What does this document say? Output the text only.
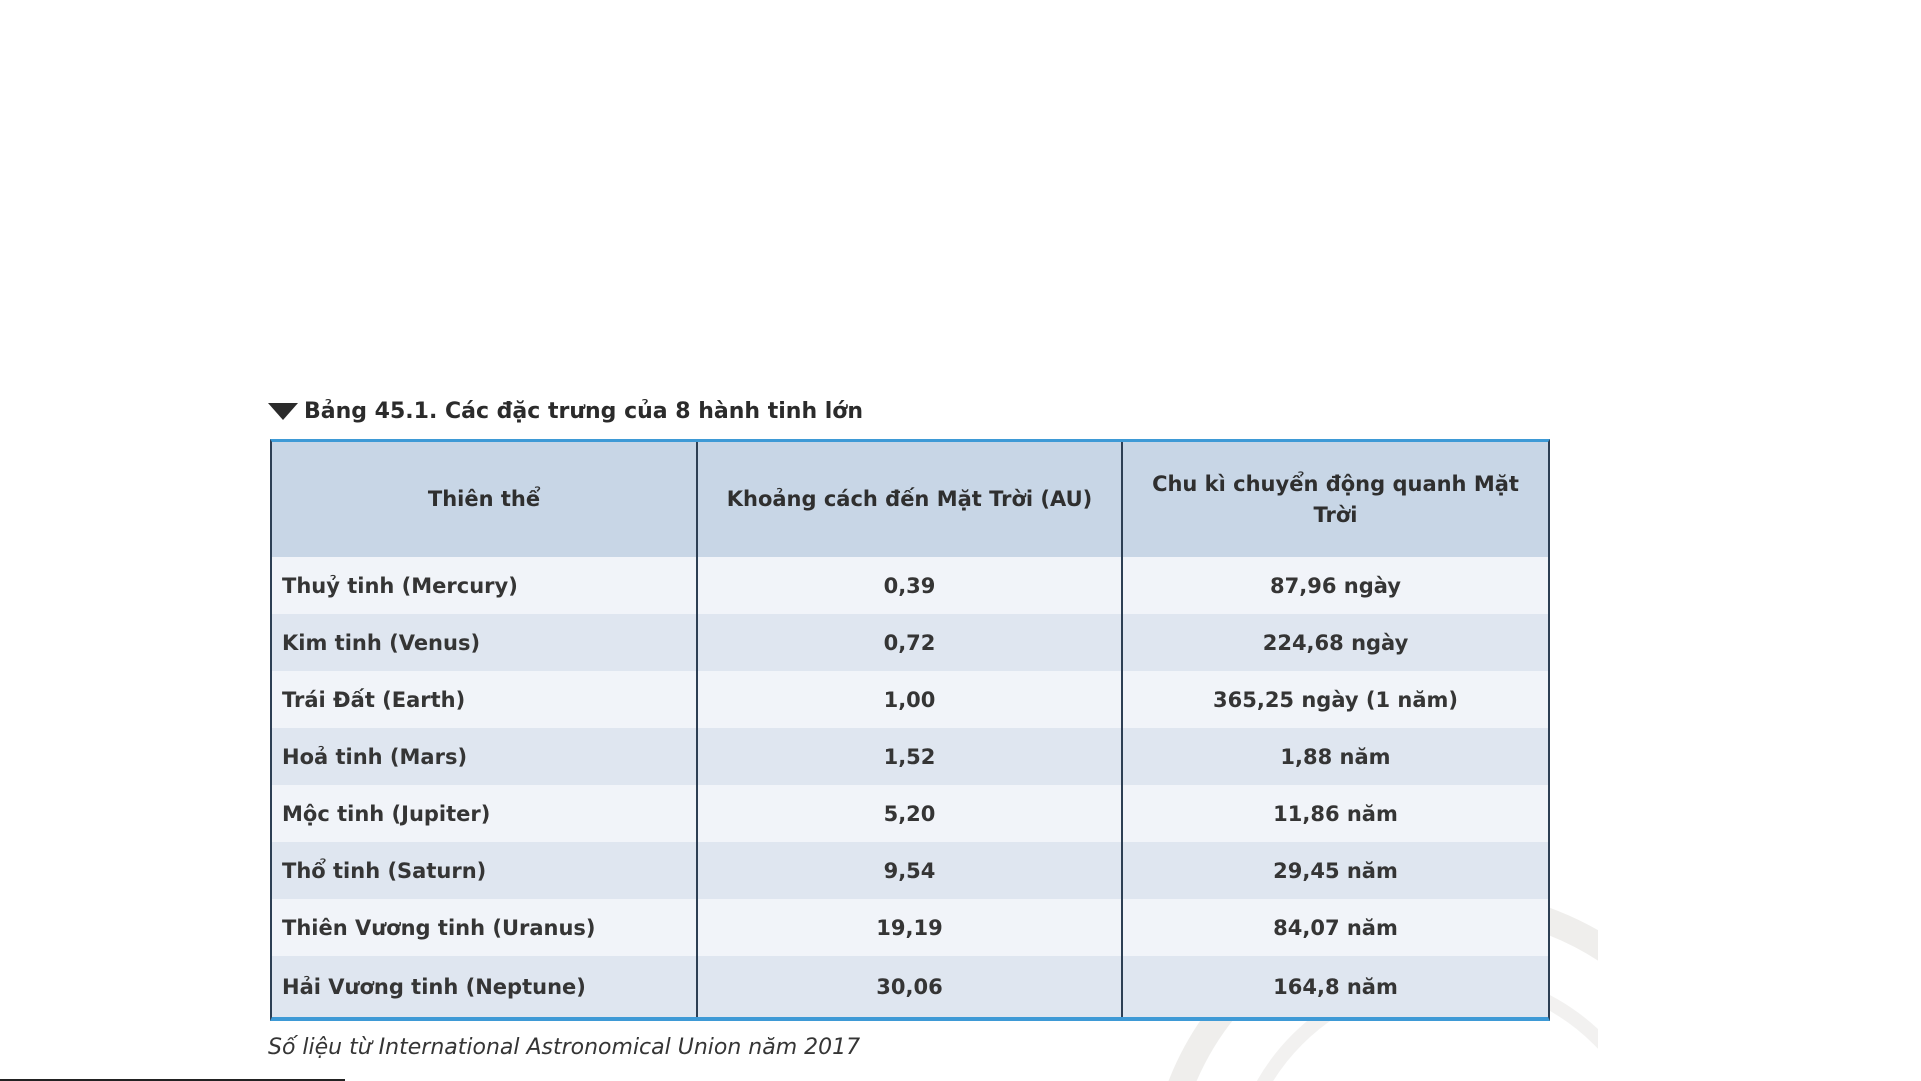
Bảng 45.1. Các đặc trưng của 8 hành tinh lớn
Thiên thể	Khoảng cách đến Mặt Trời (AU)	Chu kì chuyển động quanh Mặt Trời
Thuỷ tinh (Mercury)	0,39	87,96 ngày
Kim tinh (Venus)	0,72	224,68 ngày
Trái Đất (Earth)	1,00	365,25 ngày (1 năm)
Hoả tinh (Mars)	1,52	1,88 năm
Mộc tinh (Jupiter)	5,20	11,86 năm
Thổ tinh (Saturn)	9,54	29,45 năm
Thiên Vương tinh (Uranus)	19,19	84,07 năm
Hải Vương tinh (Neptune)	30,06	164,8 năm
Số liệu từ International Astronomical Union năm 2017
